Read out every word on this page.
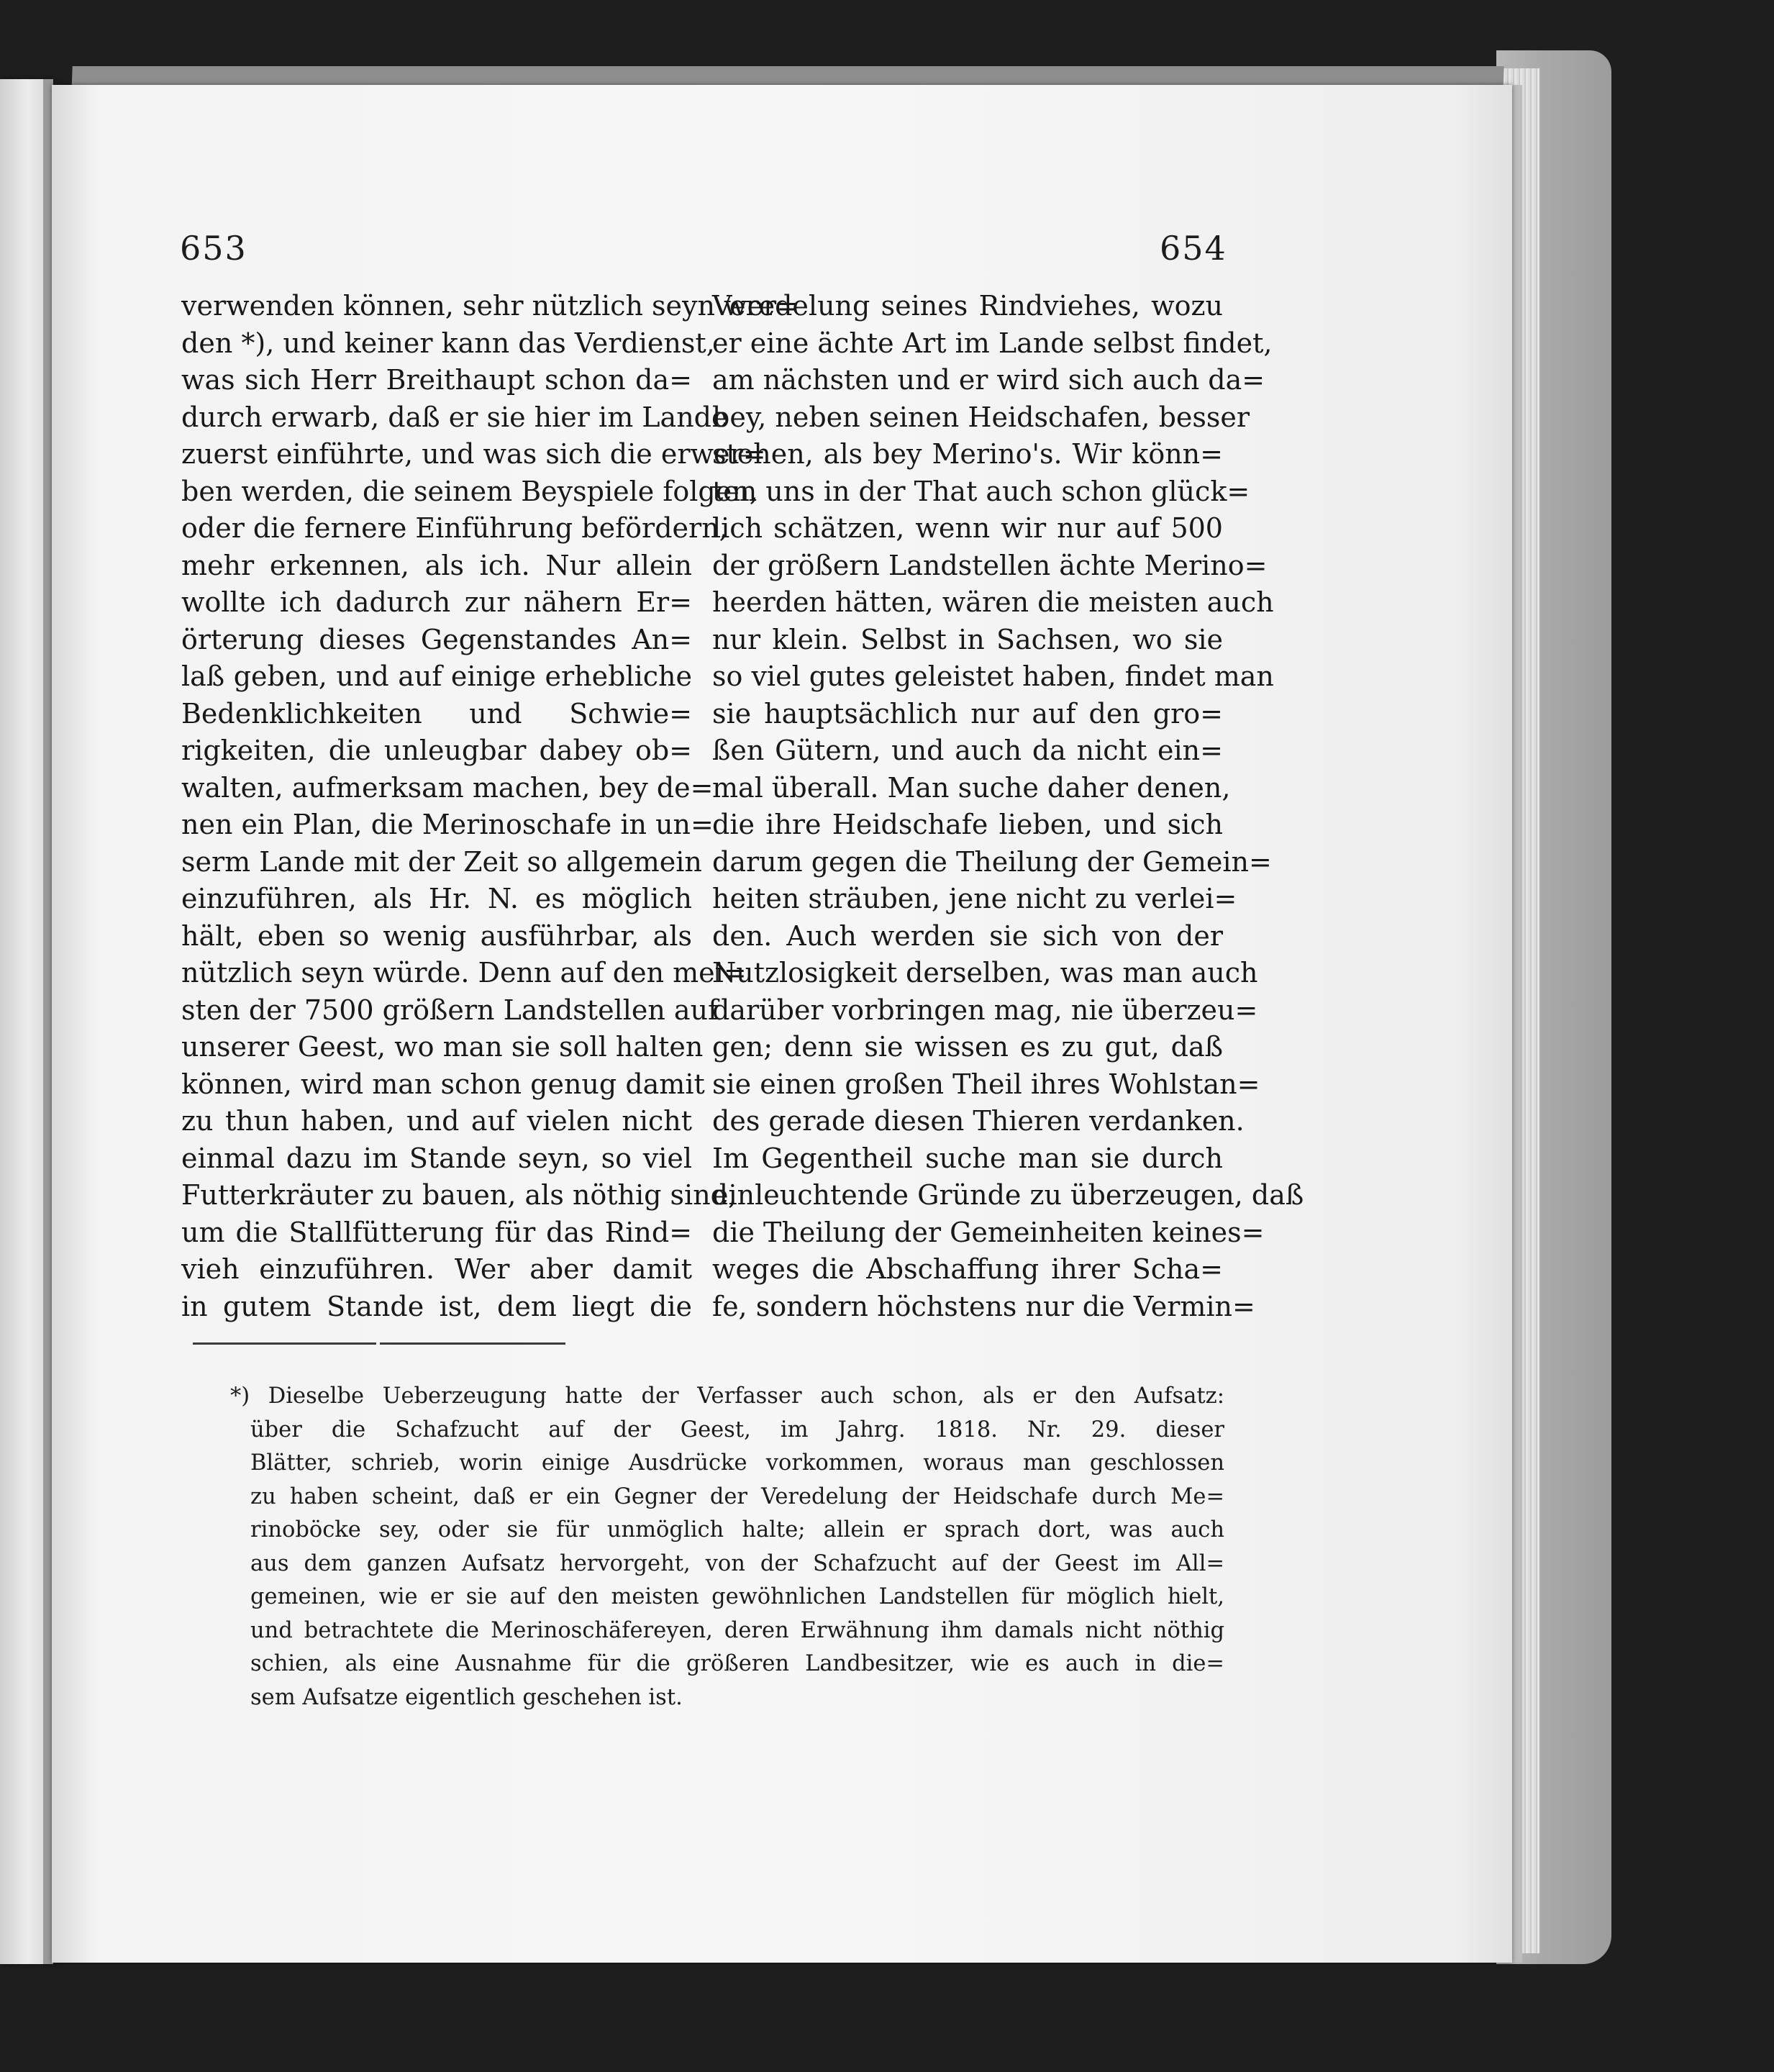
653	654
verwenden können, sehr nützlich seyn wer=
den *), und keiner kann das Verdienst,
was sich Herr Breithaupt schon da=
durch erwarb, daß er sie hier im Lande
zuerst einführte, und was sich die erwer=
ben werden, die seinem Beyspiele folgen,
oder die fernere Einführung befördern,
mehr erkennen, als ich. Nur allein
wollte ich dadurch zur nähern Er=
örterung dieses Gegenstandes An=
laß geben, und auf einige erhebliche
Bedenklichkeiten und Schwie=
rigkeiten, die unleugbar dabey ob=
walten, aufmerksam machen, bey de=
nen ein Plan, die Merinoschafe in un=
serm Lande mit der Zeit so allgemein
einzuführen, als Hr. N. es möglich
hält, eben so wenig ausführbar, als
nützlich seyn würde. Denn auf den mei=
sten der 7500 größern Landstellen auf
unserer Geest, wo man sie soll halten
können, wird man schon genug damit
zu thun haben, und auf vielen nicht
einmal dazu im Stande seyn, so viel
Futterkräuter zu bauen, als nöthig sind,
um die Stallfütterung für das Rind=
vieh einzuführen. Wer aber damit
in gutem Stande ist, dem liegt die
Veredelung seines Rindviehes, wozu
er eine ächte Art im Lande selbst findet,
am nächsten und er wird sich auch da=
bey, neben seinen Heidschafen, besser
stehen, als bey Merino's. Wir könn=
ten uns in der That auch schon glück=
lich schätzen, wenn wir nur auf 500
der größern Landstellen ächte Merino=
heerden hätten, wären die meisten auch
nur klein. Selbst in Sachsen, wo sie
so viel gutes geleistet haben, findet man
sie hauptsächlich nur auf den gro=
ßen Gütern, und auch da nicht ein=
mal überall. Man suche daher denen,
die ihre Heidschafe lieben, und sich
darum gegen die Theilung der Gemein=
heiten sträuben, jene nicht zu verlei=
den. Auch werden sie sich von der
Nutzlosigkeit derselben, was man auch
darüber vorbringen mag, nie überzeu=
gen; denn sie wissen es zu gut, daß
sie einen großen Theil ihres Wohlstan=
des gerade diesen Thieren verdanken.
Im Gegentheil suche man sie durch
einleuchtende Gründe zu überzeugen, daß
die Theilung der Gemeinheiten keines=
weges die Abschaffung ihrer Scha=
fe, sondern höchstens nur die Vermin=
*) Dieselbe Ueberzeugung hatte der Verfasser auch schon, als er den Aufsatz:
über die Schafzucht auf der Geest, im Jahrg. 1818. Nr. 29. dieser
Blätter, schrieb, worin einige Ausdrücke vorkommen, woraus man geschlossen
zu haben scheint, daß er ein Gegner der Veredelung der Heidschafe durch Me=
rinoböcke sey, oder sie für unmöglich halte; allein er sprach dort, was auch
aus dem ganzen Aufsatz hervorgeht, von der Schafzucht auf der Geest im All=
gemeinen, wie er sie auf den meisten gewöhnlichen Landstellen für möglich hielt,
und betrachtete die Merinoschäfereyen, deren Erwähnung ihm damals nicht nöthig
schien, als eine Ausnahme für die größeren Landbesitzer, wie es auch in die=
sem Aufsatze eigentlich geschehen ist.
